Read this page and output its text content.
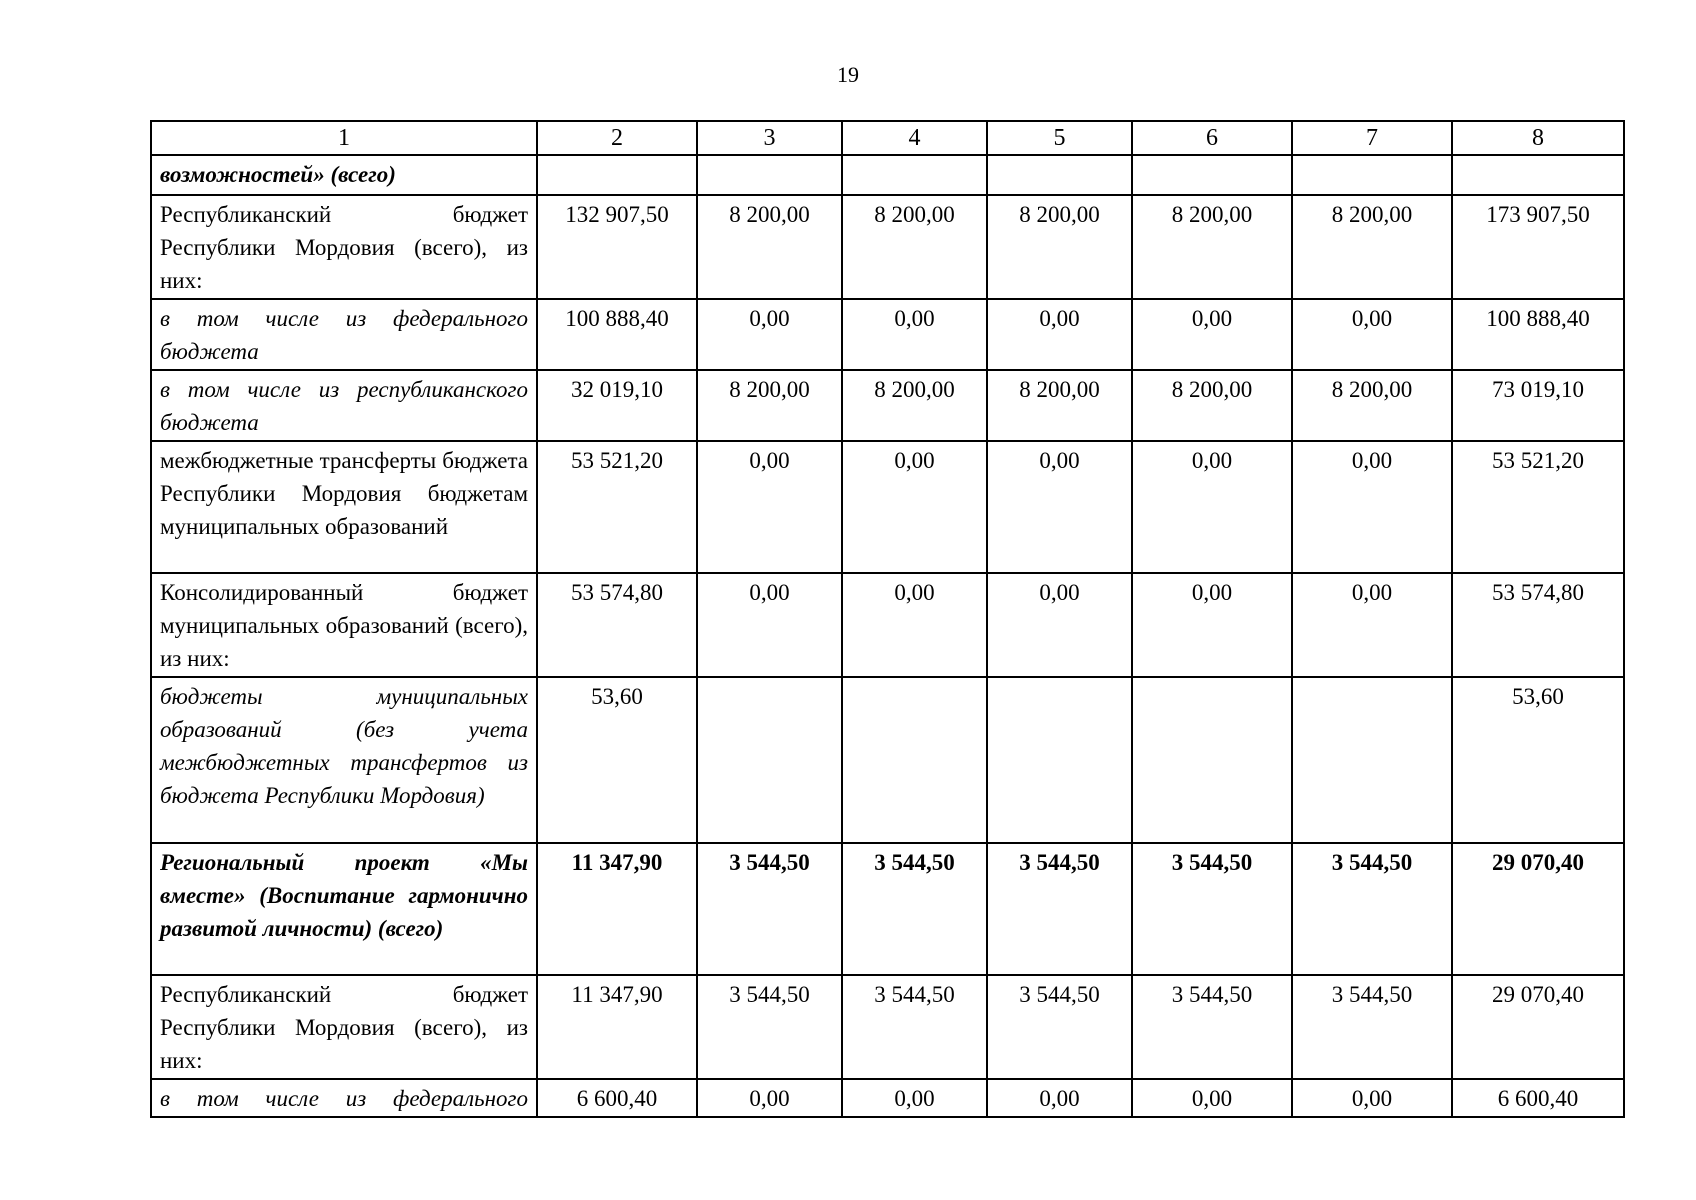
19
1	2	3	4	5	6	7	8
возможностей» (всего)							
Республиканский бюджет Республики Мордовия (всего), из них:	132 907,50	8 200,00	8 200,00	8 200,00	8 200,00	8 200,00	173 907,50
в том числе из федерального бюджета	100 888,40	0,00	0,00	0,00	0,00	0,00	100 888,40
в том числе из республиканского бюджета	32 019,10	8 200,00	8 200,00	8 200,00	8 200,00	8 200,00	73 019,10
межбюджетные трансферты бюджета Республики Мордовия бюджетам муниципальных образований	53 521,20	0,00	0,00	0,00	0,00	0,00	53 521,20
Консолидированный бюджет муниципальных образований (всего), из них:	53 574,80	0,00	0,00	0,00	0,00	0,00	53 574,80
бюджеты муниципальных образований (без учета межбюджетных трансфертов из бюджета Республики Мордовия)	53,60						53,60
Региональный проект «Мы вместе» (Воспитание гармонично развитой личности) (всего)	11 347,90	3 544,50	3 544,50	3 544,50	3 544,50	3 544,50	29 070,40
Республиканский бюджет Республики Мордовия (всего), из них:	11 347,90	3 544,50	3 544,50	3 544,50	3 544,50	3 544,50	29 070,40
в том числе из федерального	6 600,40	0,00	0,00	0,00	0,00	0,00	6 600,40
